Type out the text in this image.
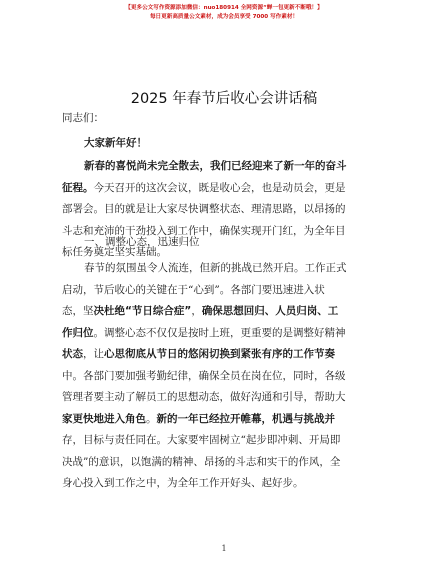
【更多公文写作资源添加微信：nuo180914 全网资源“蝉一包更新不断哦！】
每日更新高质量公文素材，成为会员享受 7000 写作素材！
2025 年春节后收心会讲话稿
同志们：
大家新年好！
新春的喜悦尚未完全散去，我们已经迎来了新一年的奋斗
征程。今天召开的这次会议，既是收心会，也是动员会，更是
部署会。目的就是让大家尽快调整状态、理清思路，以昂扬的
斗志和充沛的干劲投入到工作中，确保实现开门红，为全年目
标任务奠定坚实基础。
一、调整心态，迅速归位
春节的氛围虽令人流连，但新的挑战已然开启。工作正式
启动，节后收心的关键在于“心到”。各部门要迅速进入状
态，坚决杜绝“节日综合症”，确保思想回归、人员归岗、工
作归位。调整心态不仅仅是按时上班，更重要的是调整好精神
状态，让心思彻底从节日的悠闲切换到紧张有序的工作节奏
中。各部门要加强考勤纪律，确保全员在岗在位，同时，各级
管理者要主动了解员工的思想动态，做好沟通和引导，帮助大
家更快地进入角色。新的一年已经拉开帷幕，机遇与挑战并
存，目标与责任同在。大家要牢固树立“起步即冲刺、开局即
决战”的意识，以饱满的精神、昂扬的斗志和实干的作风，全
身心投入到工作之中，为全年工作开好头、起好步。
1
